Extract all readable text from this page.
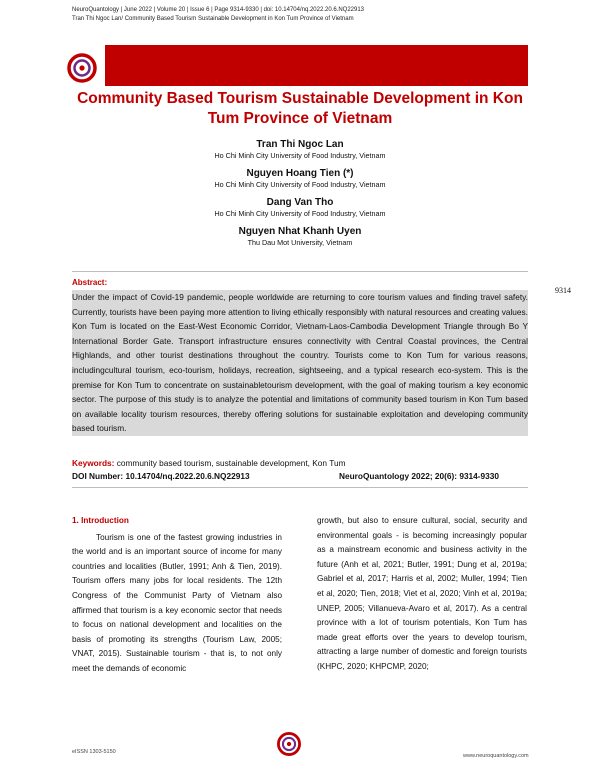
NeuroQuantology | June 2022 | Volume 20 | Issue 6 | Page 9314-9330 | doi: 10.14704/nq.2022.20.6.NQ22913
Tran Thi Ngoc Lan/ Community Based Tourism Sustainable Development in Kon Tum Province of Vietnam
Community Based Tourism Sustainable Development in Kon Tum Province of Vietnam
Tran Thi Ngoc Lan
Ho Chi Minh City University of Food Industry, Vietnam
Nguyen Hoang Tien (*)
Ho Chi Minh City University of Food Industry, Vietnam
Dang Van Tho
Ho Chi Minh City University of Food Industry, Vietnam
Nguyen Nhat Khanh Uyen
Thu Dau Mot University, Vietnam
Abstract:
Under the impact of Covid-19 pandemic, people worldwide are returning to core tourism values and finding travel safety. Currently, tourists have been paying more attention to living ethically responsibly with natural resources and creating values. Kon Tum is located on the East-West Economic Corridor, Vietnam-Laos-Cambodia Development Triangle through Bo Y International Border Gate. Transport infrastructure ensures connectivity with Central Coastal provinces, the Central Highlands, and other tourist destinations throughout the country. Tourists come to Kon Tum for various reasons, includingcultural tourism, eco-tourism, holidays, recreation, sightseeing, and a typical research eco-system. This is the premise for Kon Tum to concentrate on sustainabletourism development, with the goal of making tourism a key economic sector. The purpose of this study is to analyze the potential and limitations of community based tourism in Kon Tum based on available locality tourism resources, thereby offering solutions for sustainable exploitation and developing community based tourism.
9314
Keywords: community based tourism, sustainable development, Kon Tum
DOI Number: 10.14704/nq.2022.20.6.NQ22913	NeuroQuantology 2022; 20(6): 9314-9330
1. Introduction

Tourism is one of the fastest growing industries in the world and is an important source of income for many countries and localities (Butler, 1991; Anh & Tien, 2019). Tourism offers many jobs for local residents. The 12th Congress of the Communist Party of Vietnam also affirmed that tourism is a key economic sector that needs to focus on national development and localities on the basis of promoting its strengths (Tourism Law, 2005; VNAT, 2015). Sustainable tourism - that is, to not only meet the demands of economic

growth, but also to ensure cultural, social, security and environmental goals - is becoming increasingly popular as a mainstream economic and business activity in the future (Anh et al, 2021; Butler, 1991; Dung et al, 2019a; Gabriel et al, 2017; Harris et al, 2002; Muller, 1994; Tien et al, 2020; Tien, 2018; Viet et al, 2020; Vinh et al, 2019a; UNEP, 2005; Villanueva-Avaro et al, 2017). As a central province with a lot of tourism potentials, Kon Tum has made great efforts over the years to develop tourism, attracting a large number of domestic and foreign tourists (KHPC, 2020; KHPCMP, 2020;

eISSN 1303-5150
www.neuroquantology.com
